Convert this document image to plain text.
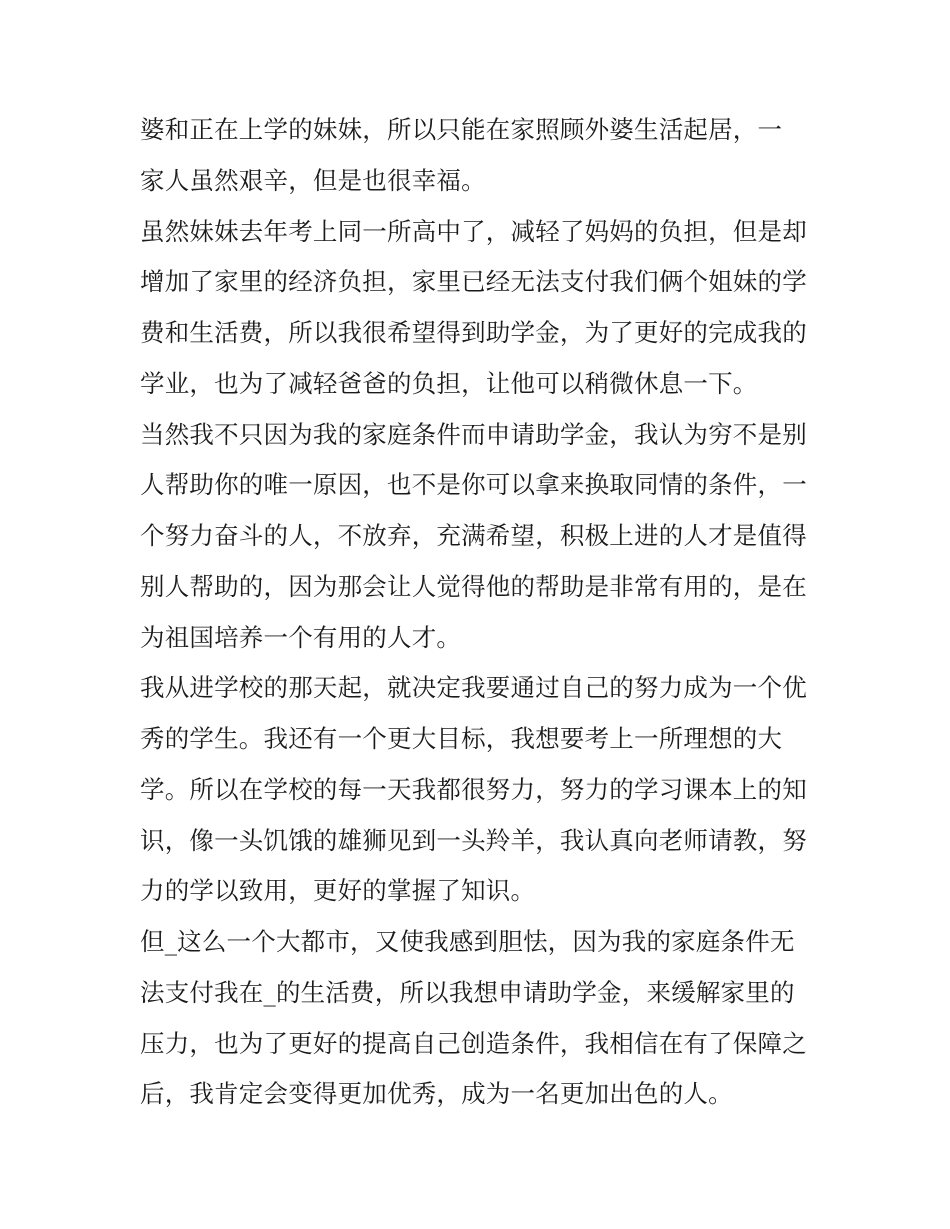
婆和正在上学的妹妹，所以只能在家照顾外婆生活起居，一
家人虽然艰辛，但是也很幸福。
虽然妹妹去年考上同一所高中了，减轻了妈妈的负担，但是却
增加了家里的经济负担，家里已经无法支付我们俩个姐妹的学
费和生活费，所以我很希望得到助学金，为了更好的完成我的
学业，也为了减轻爸爸的负担，让他可以稍微休息一下。
当然我不只因为我的家庭条件而申请助学金，我认为穷不是别
人帮助你的唯一原因，也不是你可以拿来换取同情的条件，一
个努力奋斗的人，不放弃，充满希望，积极上进的人才是值得
别人帮助的，因为那会让人觉得他的帮助是非常有用的，是在
为祖国培养一个有用的人才。
我从进学校的那天起，就决定我要通过自己的努力成为一个优
秀的学生。我还有一个更大目标，我想要考上一所理想的大
学。所以在学校的每一天我都很努力，努力的学习课本上的知
识，像一头饥饿的雄狮见到一头羚羊，我认真向老师请教，努
力的学以致用，更好的掌握了知识。
但_这么一个大都市，又使我感到胆怯，因为我的家庭条件无
法支付我在_的生活费，所以我想申请助学金，来缓解家里的
压力，也为了更好的提高自己创造条件，我相信在有了保障之
后，我肯定会变得更加优秀，成为一名更加出色的人。
